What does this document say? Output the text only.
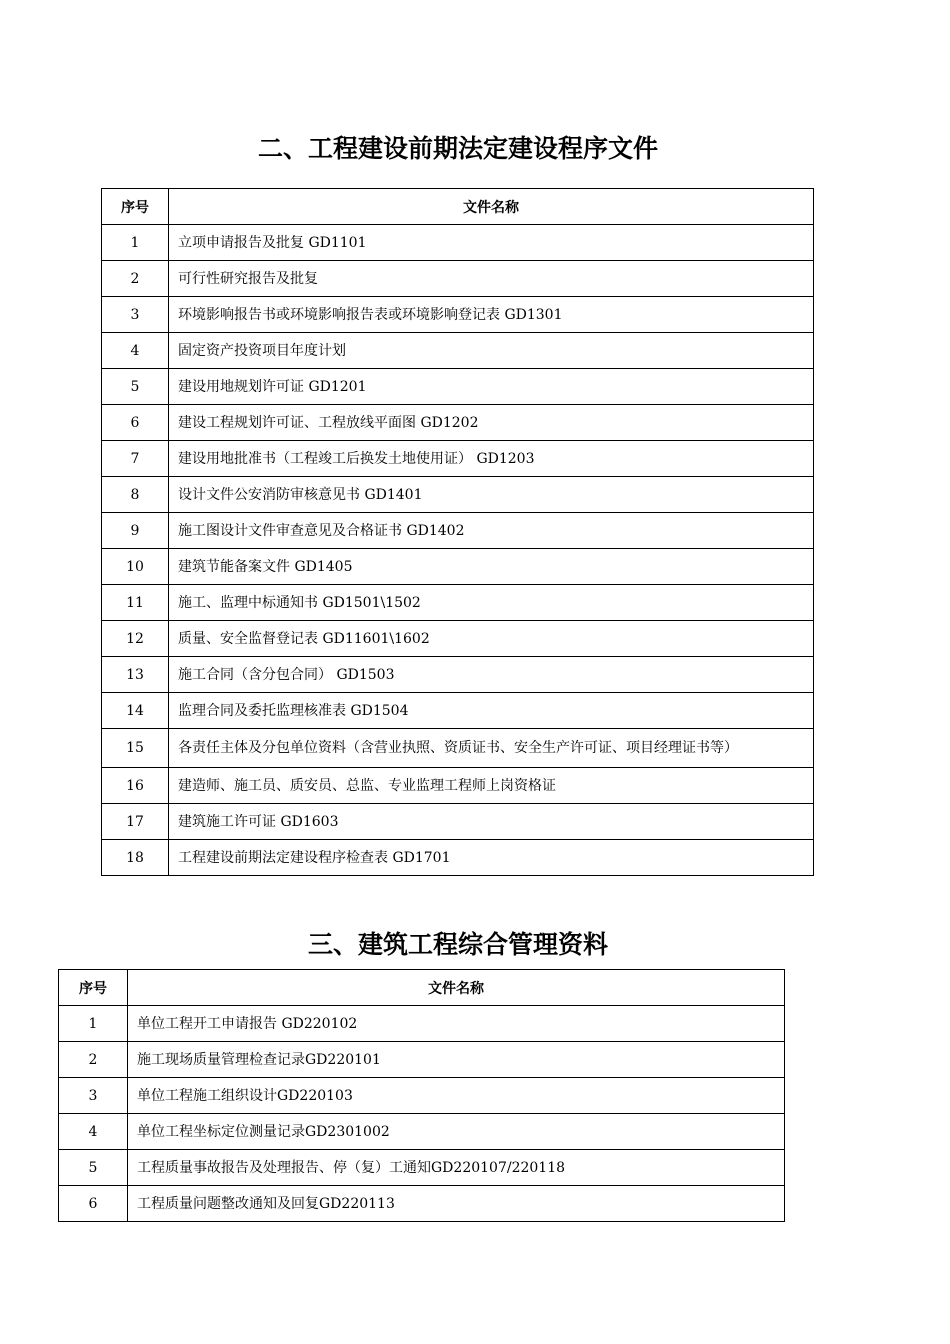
二、工程建设前期法定建设程序文件
序号	文件名称
1	立项申请报告及批复 GD1101
2	可行性研究报告及批复
3	环境影响报告书或环境影响报告表或环境影响登记表 GD1301
4	固定资产投资项目年度计划
5	建设用地规划许可证 GD1201
6	建设工程规划许可证、工程放线平面图 GD1202
7	建设用地批准书（工程竣工后换发土地使用证） GD1203
8	设计文件公安消防审核意见书 GD1401
9	施工图设计文件审查意见及合格证书 GD1402
10	建筑节能备案文件 GD1405
11	施工、监理中标通知书 GD1501\1502
12	质量、安全监督登记表 GD11601\1602
13	施工合同（含分包合同） GD1503
14	监理合同及委托监理核准表 GD1504
15	各责任主体及分包单位资料（含营业执照、资质证书、安全生产许可证、项目经理证书等）
16	建造师、施工员、质安员、总监、专业监理工程师上岗资格证
17	建筑施工许可证 GD1603
18	工程建设前期法定建设程序检查表 GD1701
三、建筑工程综合管理资料
序号	文件名称
1	单位工程开工申请报告 GD220102
2	施工现场质量管理检查记录GD220101
3	单位工程施工组织设计GD220103
4	单位工程坐标定位测量记录GD2301002
5	工程质量事故报告及处理报告、停（复）工通知GD220107/220118
6	工程质量问题整改通知及回复GD220113
